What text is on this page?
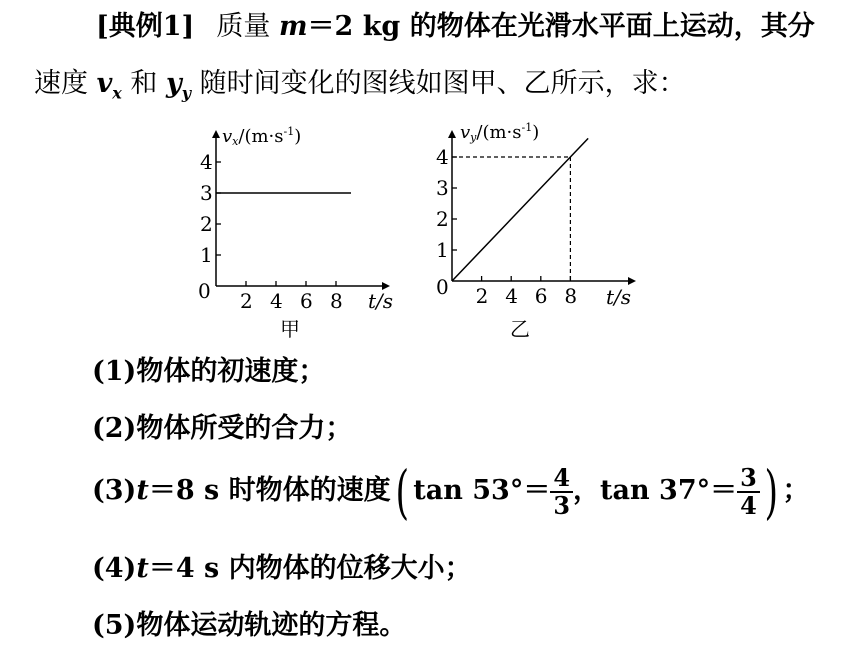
[典例1] 质量 m＝2 kg 的物体在光滑水平面上运动，其分
速度 $v_x$ 和 $y_y$ 随时间变化的图线如图甲、乙所示，求：
$vx/(m\cdot s^{-1})$
0
1
2
3
4
2 4 6 8 t/s
甲
$vy/(m\cdot s^{-1})$
0
1
2
3
4
2 4 6 8 t/s
乙
(1)物体的初速度；
(2)物体所受的合力；
(3)t＝8 s 时物体的速度( $\tan 53^\circ= \frac{4}{3}$ ，$\tan 37^\circ= \frac{3}{4}$ ) ；
(4)t＝4 s 内物体的位移大小；
(5)物体运动轨迹的方程。
